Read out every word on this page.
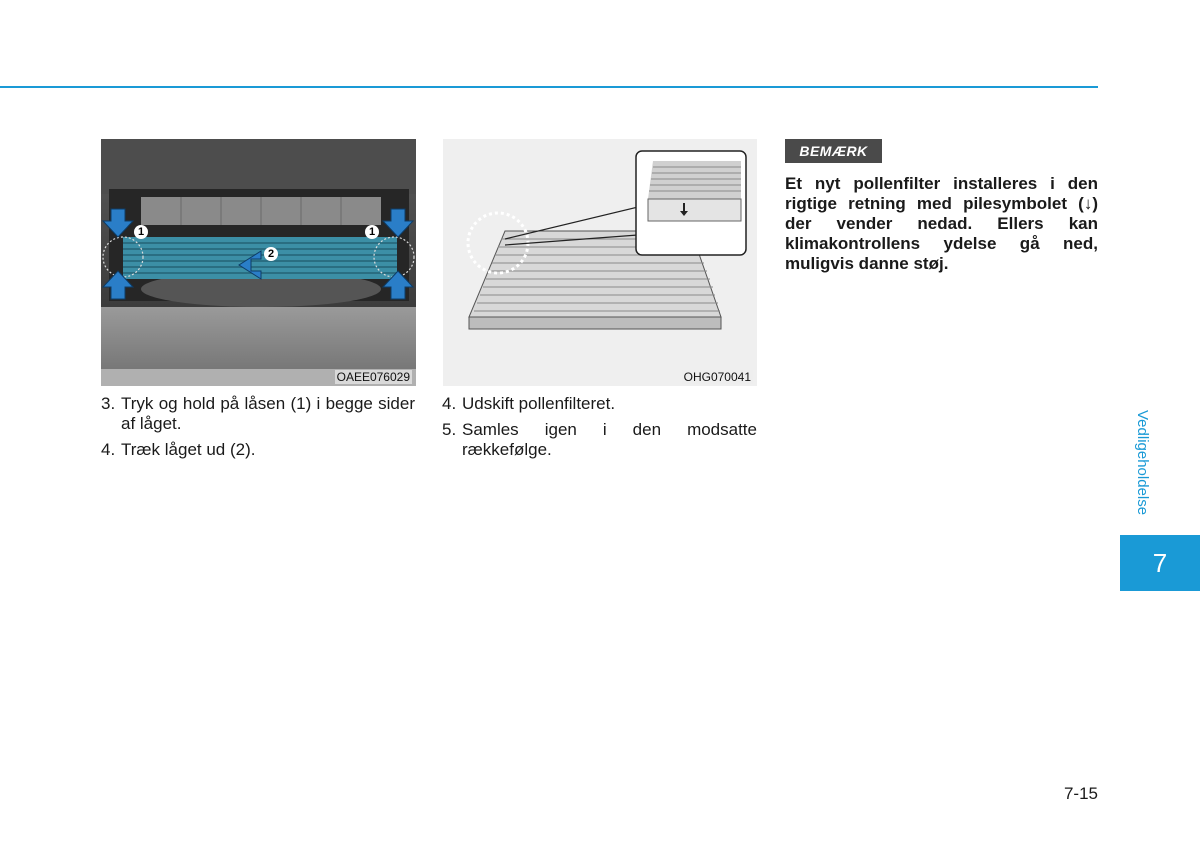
1
2
1
OAEE076029	OHG070041
3. Tryk og hold på låsen (1) i begge sider af låget.
4. Træk låget ud (2).
4. Udskift pollenfilteret.
5. Samles igen i den modsatte rækkefølge.
BEMÆRK
Et nyt pollenfilter installeres i den rigtige retning med pilesymbolet (↓) der vender nedad. Ellers kan klimakontrollens ydelse gå ned, muligvis danne støj.
Vedligeholdelse
7
7-15
